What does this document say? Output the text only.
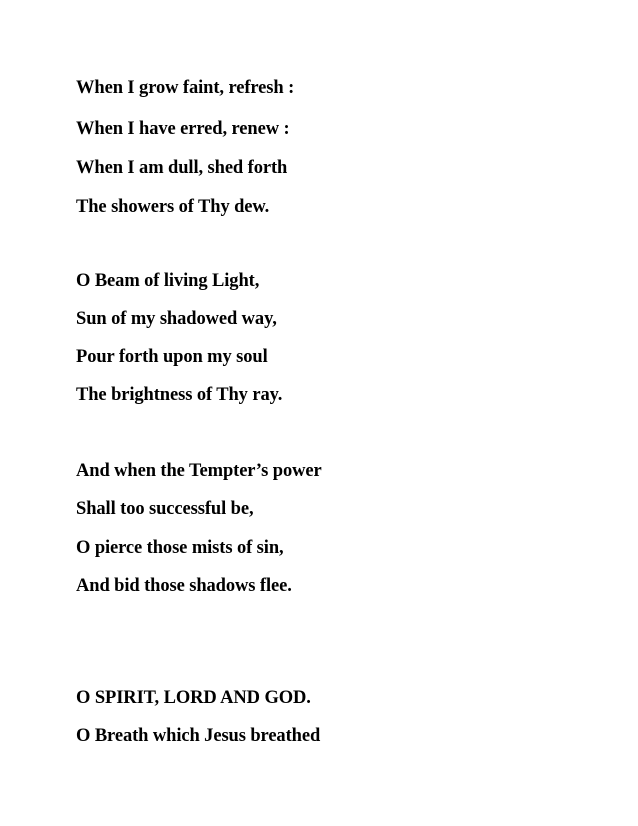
When I grow faint, refresh :
When I have erred, renew :
When I am dull, shed forth
The showers of Thy dew.
O Beam of living Light,
Sun of my shadowed way,
Pour forth upon my soul
The brightness of Thy ray.
And when the Tempter’s power
Shall too successful be,
O pierce those mists of sin,
And bid those shadows flee.
O SPIRIT, LORD AND GOD.
O Breath which Jesus breathed
